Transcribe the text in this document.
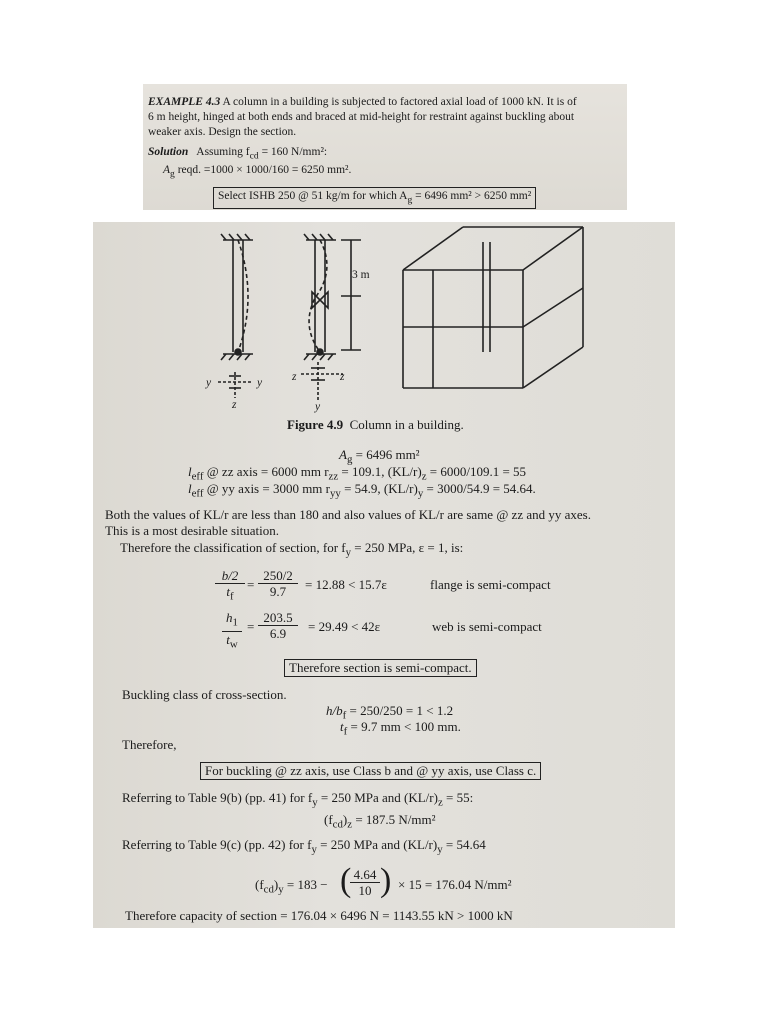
EXAMPLE 4.3 A column in a building is subjected to factored axial load of 1000 kN. It is of
6 m height, hinged at both ends and braced at mid-height for restraint against buckling about
weaker axis. Design the section.
Solution Assuming $f_{cd} = 160$ N/mm²:
$A_g$ reqd. =1000 × 1000/160 = 6250 mm².
Select ISHB 250 @ 51 kg/m for which $A_g = 6496$ mm² > 6250 mm²
3 m
y	y
z
z	z
y
Figure 4.9 Column in a building.
$A_g = 6496$ mm²
$l_{eff}$ @ zz axis = 6000 mm $r_{zz} = 109.1$, $(KL/r)_z = 6000/109.1 = 55$
$l_{eff}$ @ yy axis = 3000 mm $r_{yy} = 54.9$, $(KL/r)_y = 3000/54.9 = 54.64$.
Both the values of KL/r are less than 180 and also values of KL/r are same @ zz and yy axes.
This is a most desirable situation.
Therefore the classification of section, for $f_y = 250$ MPa, ε = 1, is:
$\frac{b/2}{t_f} = \frac{250/2}{9.7} = 12.88 < 15.7\varepsilon$	flange is semi-compact
$\frac{h_1}{t_w} = \frac{203.5}{6.9} = 29.49 < 42\varepsilon$	web is semi-compact
Therefore section is semi-compact.
Buckling class of cross-section.
$h/b_f = 250/250 = 1 < 1.2$
$t_f = 9.7$ mm < 100 mm.
Therefore,
For buckling @ zz axis, use Class b and @ yy axis, use Class c.
Referring to Table 9(b) (pp. 41) for $f_y = 250$ MPa and $(KL/r)_z = 55$:
$(f_{cd})_z = 187.5$ N/mm²
Referring to Table 9(c) (pp. 42) for $f_y = 250$ MPa and $(KL/r)_y = 54.64$
$(f_{cd})_y = 183$ − (
$\frac{4.64}{10}$ ) × 15 = 176.04 N/mm²
Therefore capacity of section = 176.04 × 6496 N = 1143.55 kN > 1000 kN
